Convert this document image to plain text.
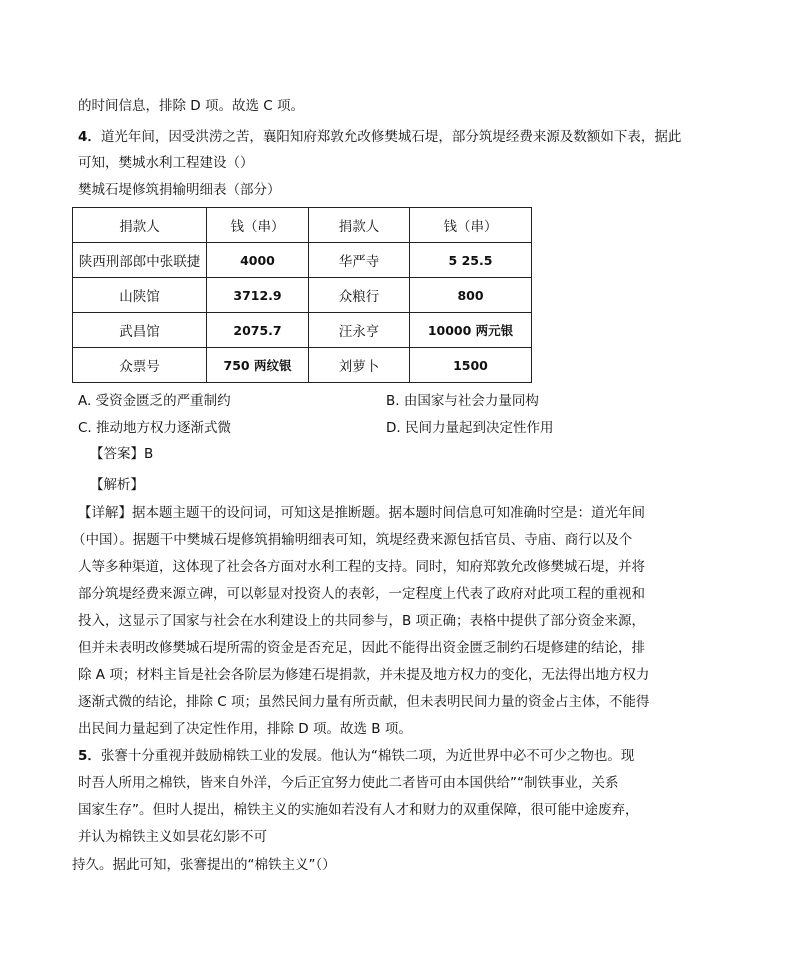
的时间信息，排除 D 项。故选 C 项。
4．道光年间，因受洪涝之苦，襄阳知府郑敦允改修樊城石堤，部分筑堤经费来源及数额如下表，据此
可知，樊城水利工程建设（）
樊城石堤修筑捐输明细表（部分）
捐款人	钱（串）	捐款人	钱（串）
陕西刑部郎中张联捷	4000	华严寺	5 25.5
山陕馆	3712.9	众粮行	800
武昌馆	2075.7	汪永亨	10000 两元银
众票号	750 两纹银	刘萝卜	1500
A. 受资金匮乏的严重制约	B. 由国家与社会力量同构
C. 推动地方权力逐渐式微	D. 民间力量起到决定性作用
【答案】B
【解析】
【详解】据本题主题干的设问词，可知这是推断题。据本题时间信息可知准确时空是：道光年间
（中国）。据题干中樊城石堤修筑捐输明细表可知，筑堤经费来源包括官员、寺庙、商行以及个
人等多种渠道，这体现了社会各方面对水利工程的支持。同时，知府郑敦允改修樊城石堤，并将
部分筑堤经费来源立碑，可以彰显对投资人的表彰，一定程度上代表了政府对此项工程的重视和
投入，这显示了国家与社会在水利建设上的共同参与，B 项正确；表格中提供了部分资金来源，
但并未表明改修樊城石堤所需的资金是否充足，因此不能得出资金匮乏制约石堤修建的结论，排
除 A 项；材料主旨是社会各阶层为修建石堤捐款，并未提及地方权力的变化，无法得出地方权力
逐渐式微的结论，排除 C 项；虽然民间力量有所贡献，但未表明民间力量的资金占主体，不能得
出民间力量起到了决定性作用，排除 D 项。故选 B 项。
5．张謇十分重视并鼓励棉铁工业的发展。他认为“棉铁二项，为近世界中必不可少之物也。现
时吾人所用之棉铁，皆来自外洋，今后正宜努力使此二者皆可由本国供给”“制铁事业，关系
国家生存”。但时人提出，棉铁主义的实施如若没有人才和财力的双重保障，很可能中途废弃，
并认为棉铁主义如昙花幻影不可
持久。据此可知，张謇提出的“棉铁主义”（）
